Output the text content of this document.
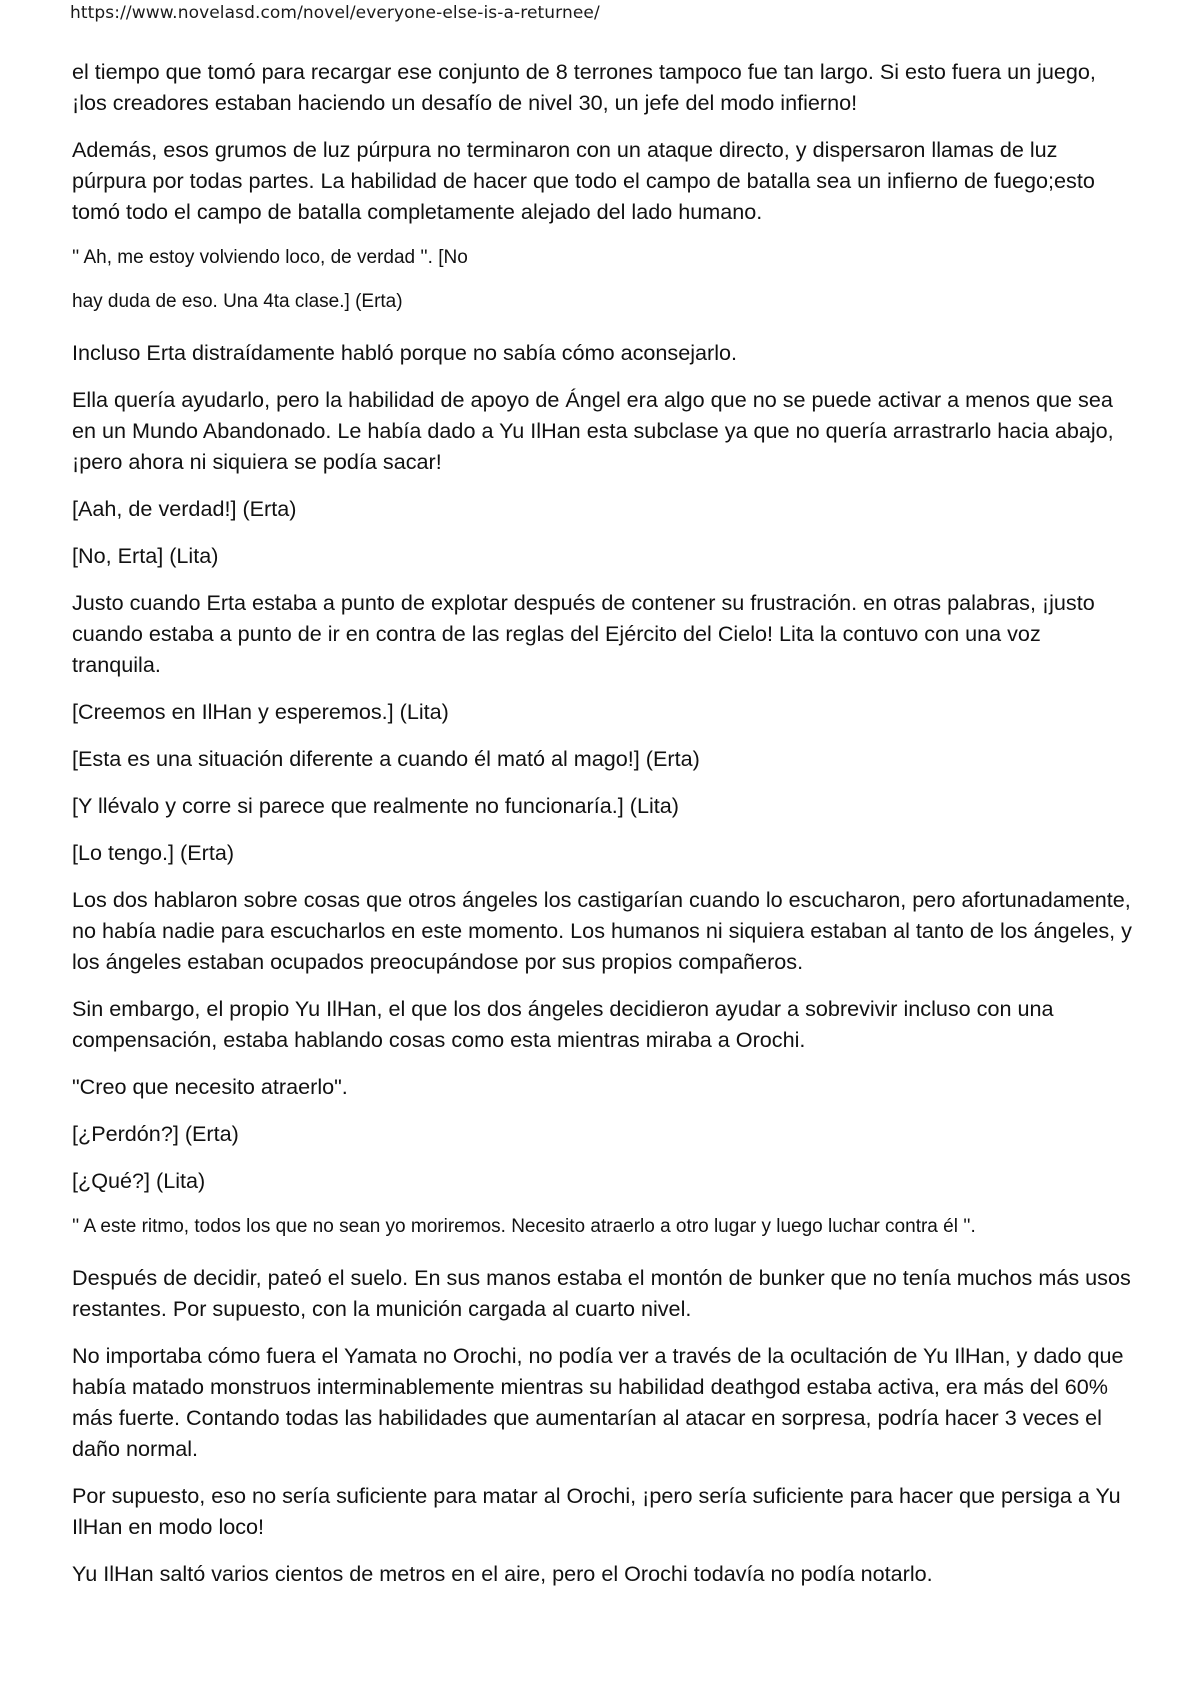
https://www.novelasd.com/novel/everyone-else-is-a-returnee/

el tiempo que tomó para recargar ese conjunto de 8 terrones tampoco fue tan largo. Si esto fuera un juego, ¡los creadores estaban haciendo un desafío de nivel 30, un jefe del modo infierno!

Además, esos grumos de luz púrpura no terminaron con un ataque directo, y dispersaron llamas de luz púrpura por todas partes. La habilidad de hacer que todo el campo de batalla sea un infierno de fuego;esto tomó todo el campo de batalla completamente alejado del lado humano.

'' Ah, me estoy volviendo loco, de verdad ''. [No

hay duda de eso. Una 4ta clase.] (Erta)

Incluso Erta distraídamente habló porque no sabía cómo aconsejarlo.

Ella quería ayudarlo, pero la habilidad de apoyo de Ángel era algo que no se puede activar a menos que sea en un Mundo Abandonado. Le había dado a Yu IlHan esta subclase ya que no quería arrastrarlo hacia abajo, ¡pero ahora ni siquiera se podía sacar!

[Aah, de verdad!] (Erta)

[No, Erta] (Lita)

Justo cuando Erta estaba a punto de explotar después de contener su frustración. en otras palabras, ¡justo cuando estaba a punto de ir en contra de las reglas del Ejército del Cielo! Lita la contuvo con una voz tranquila.

[Creemos en IlHan y esperemos.] (Lita)

[Esta es una situación diferente a cuando él mató al mago!] (Erta)

[Y llévalo y corre si parece que realmente no funcionaría.] (Lita)

[Lo tengo.] (Erta)

Los dos hablaron sobre cosas que otros ángeles los castigarían cuando lo escucharon, pero afortunadamente, no había nadie para escucharlos en este momento. Los humanos ni siquiera estaban al tanto de los ángeles, y los ángeles estaban ocupados preocupándose por sus propios compañeros.

Sin embargo, el propio Yu IlHan, el que los dos ángeles decidieron ayudar a sobrevivir incluso con una compensación, estaba hablando cosas como esta mientras miraba a Orochi.

"Creo que necesito atraerlo".

[¿Perdón?] (Erta)

[¿Qué?] (Lita)

'' A este ritmo, todos los que no sean yo moriremos. Necesito atraerlo a otro lugar y luego luchar contra él ''.

Después de decidir, pateó el suelo. En sus manos estaba el montón de bunker que no tenía muchos más usos restantes. Por supuesto, con la munición cargada al cuarto nivel.

No importaba cómo fuera el Yamata no Orochi, no podía ver a través de la ocultación de Yu IlHan, y dado que había matado monstruos interminablemente mientras su habilidad deathgod estaba activa, era más del 60% más fuerte. Contando todas las habilidades que aumentarían al atacar en sorpresa, podría hacer 3 veces el daño normal.

Por supuesto, eso no sería suficiente para matar al Orochi, ¡pero sería suficiente para hacer que persiga a Yu IlHan en modo loco!

Yu IlHan saltó varios cientos de metros en el aire, pero el Orochi todavía no podía notarlo.
